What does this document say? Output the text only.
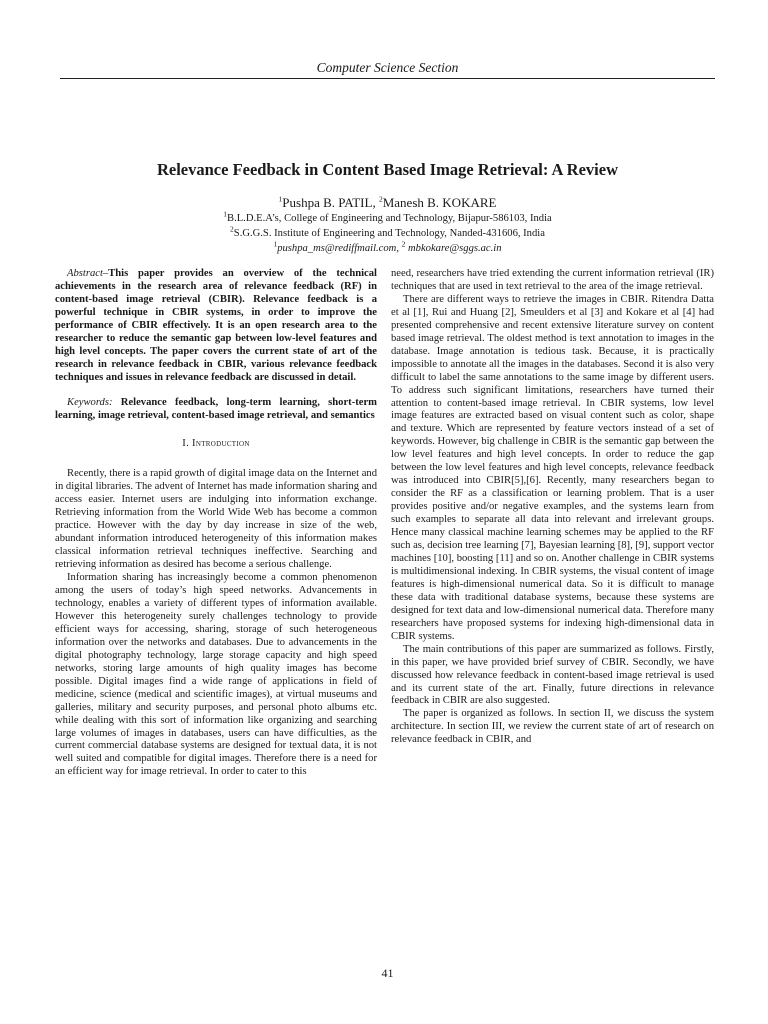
Computer Science Section
Relevance Feedback in Content Based Image Retrieval: A Review
$^1$Pushpa B. PATIL, $^2$Manesh B. KOKARE
$^1$B.L.D.E.A’s, College of Engineering and Technology, Bijapur-586103, India
$^2$S.G.G.S. Institute of Engineering and Technology, Nanded-431606, India
$^1$pushpa_ms@rediffmail.com, $^2$ mbkokare@sggs.ac.in

Abstract–This paper provides an overview of the technical achievements in the research area of relevance feedback (RF) in content-based image retrieval (CBIR). Relevance feedback is a powerful technique in CBIR systems, in order to improve the performance of CBIR effectively. It is an open research area to the researcher to reduce the semantic gap between low-level features and high level concepts. The paper covers the current state of art of the research in relevance feedback in CBIR, various relevance feedback techniques and issues in relevance feedback are discussed in detail.

Keywords: Relevance feedback, long-term learning, short-term learning, image retrieval, content-based image retrieval, and semantics

I. Introduction

Recently, there is a rapid growth of digital image data on the Internet and in digital libraries. The advent of Internet has made information sharing and access easier. Internet users are indulging into information exchange. Retrieving information from the World Wide Web has become a common practice. However with the day by day increase in size of the web, abundant information introduced heterogeneity of this information makes classical information retrieval techniques ineffective. Searching and retrieving information as desired has become a serious challenge.

Information sharing has increasingly become a common phenomenon among the users of today’s high speed networks. Advancements in technology, enables a variety of different types of information available. However this heterogeneity surely challenges technology to provide efficient ways for accessing, sharing, storage of such heterogeneous information over the networks and databases. Due to advancements in the digital photography technology, large storage capacity and high speed networks, storing large amounts of high quality images has become possible. Digital images find a wide range of applications in field of medicine, science (medical and scientific images), at virtual museums and galleries, military and security purposes, and personal photo albums etc. while dealing with this sort of information like organizing and searching large volumes of images in databases, users can have difficulties, as the current commercial database systems are designed for textual data, it is not well suited and compatible for digital images. Therefore there is a need for an efficient way for image retrieval. In order to cater to this

need, researchers have tried extending the current information retrieval (IR) techniques that are used in text retrieval to the area of the image retrieval.

There are different ways to retrieve the images in CBIR. Ritendra Datta et al [1], Rui and Huang [2], Smeulders et al [3] and Kokare et al [4] had presented comprehensive and recent extensive literature survey on content based image retrieval. The oldest method is text annotation to images in the database. Image annotation is tedious task. Because, it is practically impossible to annotate all the images in the databases. Second it is also very difficult to label the same annotations to the same image by different users. To address such significant limitations, researchers have turned their attention to content-based image retrieval. In CBIR systems, low level image features are extracted based on visual content such as color, shape and texture. Which are represented by feature vectors instead of a set of keywords. However, big challenge in CBIR is the semantic gap between the low level features and high level concepts. In order to reduce the gap between the low level features and high level concepts, relevance feedback was introduced into CBIR[5],[6]. Recently, many researchers began to consider the RF as a classification or learning problem. That is a user provides positive and/or negative examples, and the systems learn from such examples to separate all data into relevant and irrelevant groups. Hence many classical machine learning schemes may be applied to the RF such as, decision tree learning [7], Bayesian learning [8], [9], support vector machines [10], boosting [11] and so on. Another challenge in CBIR systems is multidimensional indexing. In CBIR systems, the visual content of image features is high-dimensional numerical data. So it is difficult to manage these data with traditional database systems, because these systems are designed for text data and low-dimensional numerical data. Therefore many researchers have proposed systems for indexing high-dimensional data in CBIR systems.

The main contributions of this paper are summarized as follows. Firstly, in this paper, we have provided brief survey of CBIR. Secondly, we have discussed how relevance feedback in content-based image retrieval is used and its current state of the art. Finally, future directions in relevance feedback in CBIR are also suggested.

The paper is organized as follows. In section II, we discuss the system architecture. In section III, we review the current state of art of research on relevance feedback in CBIR, and

41
